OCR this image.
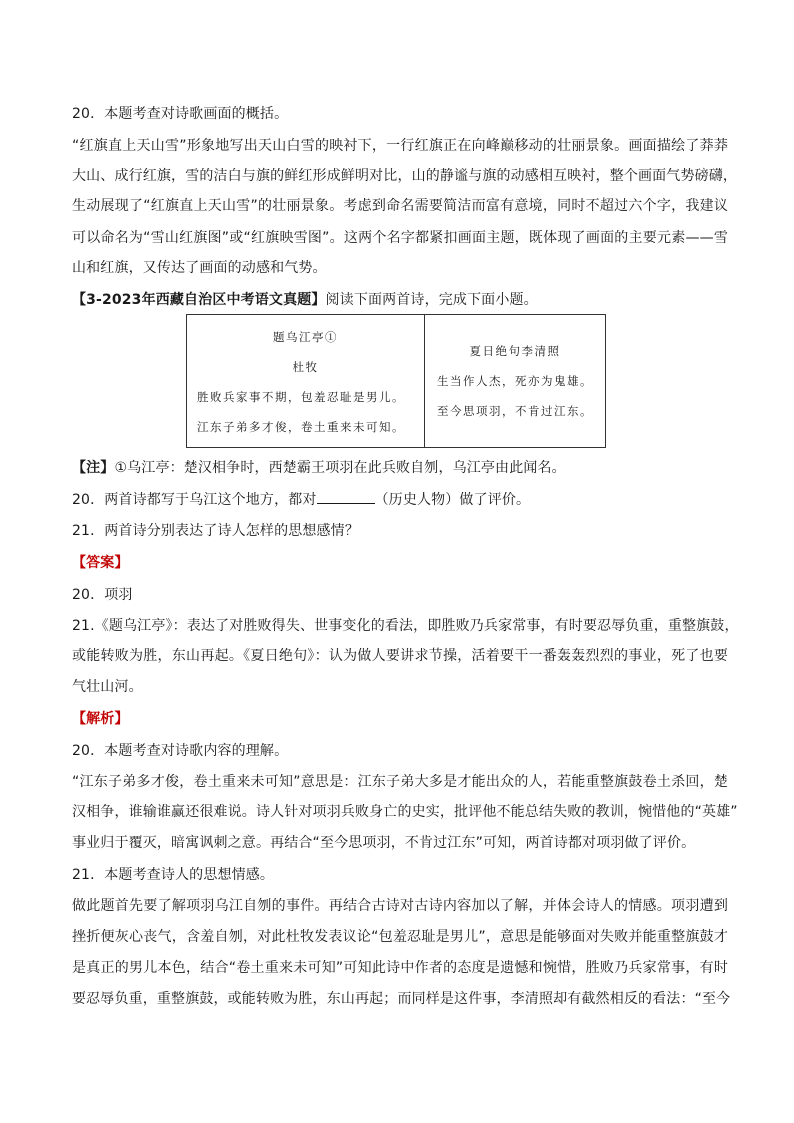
20．本题考查对诗歌画面的概括。
“红旗直上天山雪”形象地写出天山白雪的映衬下，一行红旗正在向峰巅移动的壮丽景象。画面描绘了莽莽
大山、成行红旗，雪的洁白与旗的鲜红形成鲜明对比，山的静谧与旗的动感相互映衬，整个画面气势磅礴，
生动展现了“红旗直上天山雪”的壮丽景象。考虑到命名需要简洁而富有意境，同时不超过六个字，我建议
可以命名为“雪山红旗图”或“红旗映雪图”。这两个名字都紧扣画面主题，既体现了画面的主要元素——雪
山和红旗，又传达了画面的动感和气势。
【3-2023年西藏自治区中考语文真题】阅读下面两首诗，完成下面小题。
题乌江亭①
杜牧
胜败兵家事不期，包羞忍耻是男儿。
江东子弟多才俊，卷土重来未可知。
夏日绝句李清照
生当作人杰，死亦为鬼雄。
至今思项羽，不肯过江东。
【注】①乌江亭：楚汉相争时，西楚霸王项羽在此兵败自刎，乌江亭由此闻名。
20．两首诗都写于乌江这个地方，都对	（历史人物）做了评价。
21．两首诗分别表达了诗人怎样的思想感情？
【答案】
20．项羽
21.《题乌江亭》：表达了对胜败得失、世事变化的看法，即胜败乃兵家常事，有时要忍辱负重，重整旗鼓，
或能转败为胜，东山再起。《夏日绝句》：认为做人要讲求节操，活着要干一番轰轰烈烈的事业，死了也要
气壮山河。
【解析】
20．本题考查对诗歌内容的理解。
“江东子弟多才俊，卷土重来未可知”意思是：江东子弟大多是才能出众的人，若能重整旗鼓卷土杀回，楚
汉相争，谁输谁赢还很难说。诗人针对项羽兵败身亡的史实，批评他不能总结失败的教训，惋惜他的“英雄”
事业归于覆灭，暗寓讽刺之意。再结合“至今思项羽，不肯过江东”可知，两首诗都对项羽做了评价。
21．本题考查诗人的思想情感。
做此题首先要了解项羽乌江自刎的事件。再结合古诗对古诗内容加以了解，并体会诗人的情感。项羽遭到
挫折便灰心丧气，含羞自刎，对此杜牧发表议论“包羞忍耻是男儿”，意思是能够面对失败并能重整旗鼓才
是真正的男儿本色，结合“卷土重来未可知”可知此诗中作者的态度是遗憾和惋惜，胜败乃兵家常事，有时
要忍辱负重，重整旗鼓，或能转败为胜，东山再起；而同样是这件事，李清照却有截然相反的看法：“至今
